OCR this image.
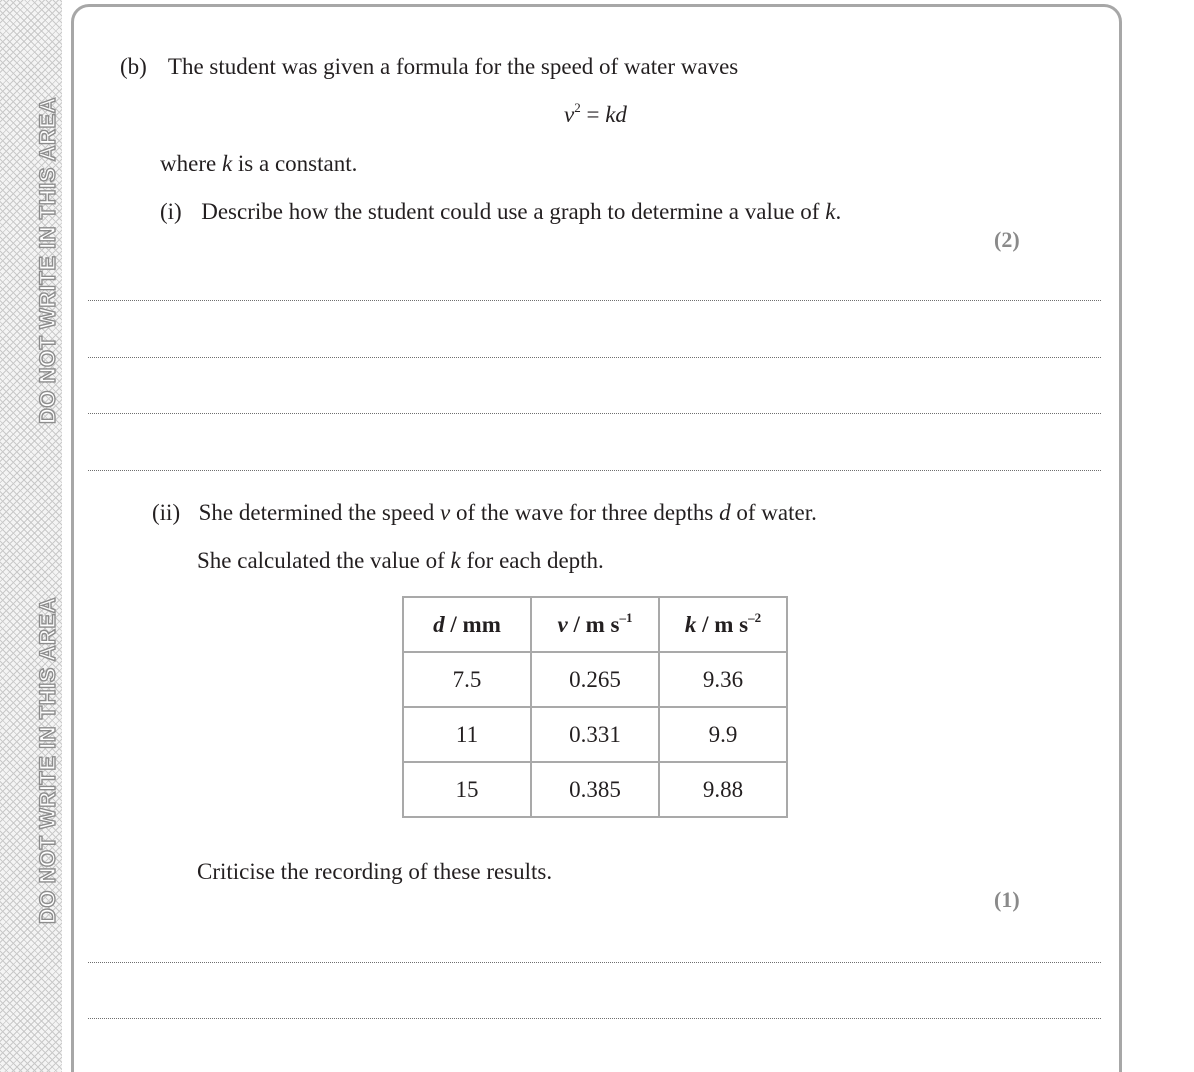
DO NOT WRITE IN THIS AREA
DO NOT WRITE IN THIS AREA
(b) The student was given a formula for the speed of water waves
$v^2$ = kd
where k is a constant.
(i) Describe how the student could use a graph to determine a value of k.
(2)
(ii) She determined the speed v of the wave for three depths d of water.
She calculated the value of k for each depth.
d / mm	v / m $s^{-1}$	k / m $s^{-2}$
7.5	0.265	9.36
11	0.331	9.9
15	0.385	9.88
Criticise the recording of these results.
(1)
